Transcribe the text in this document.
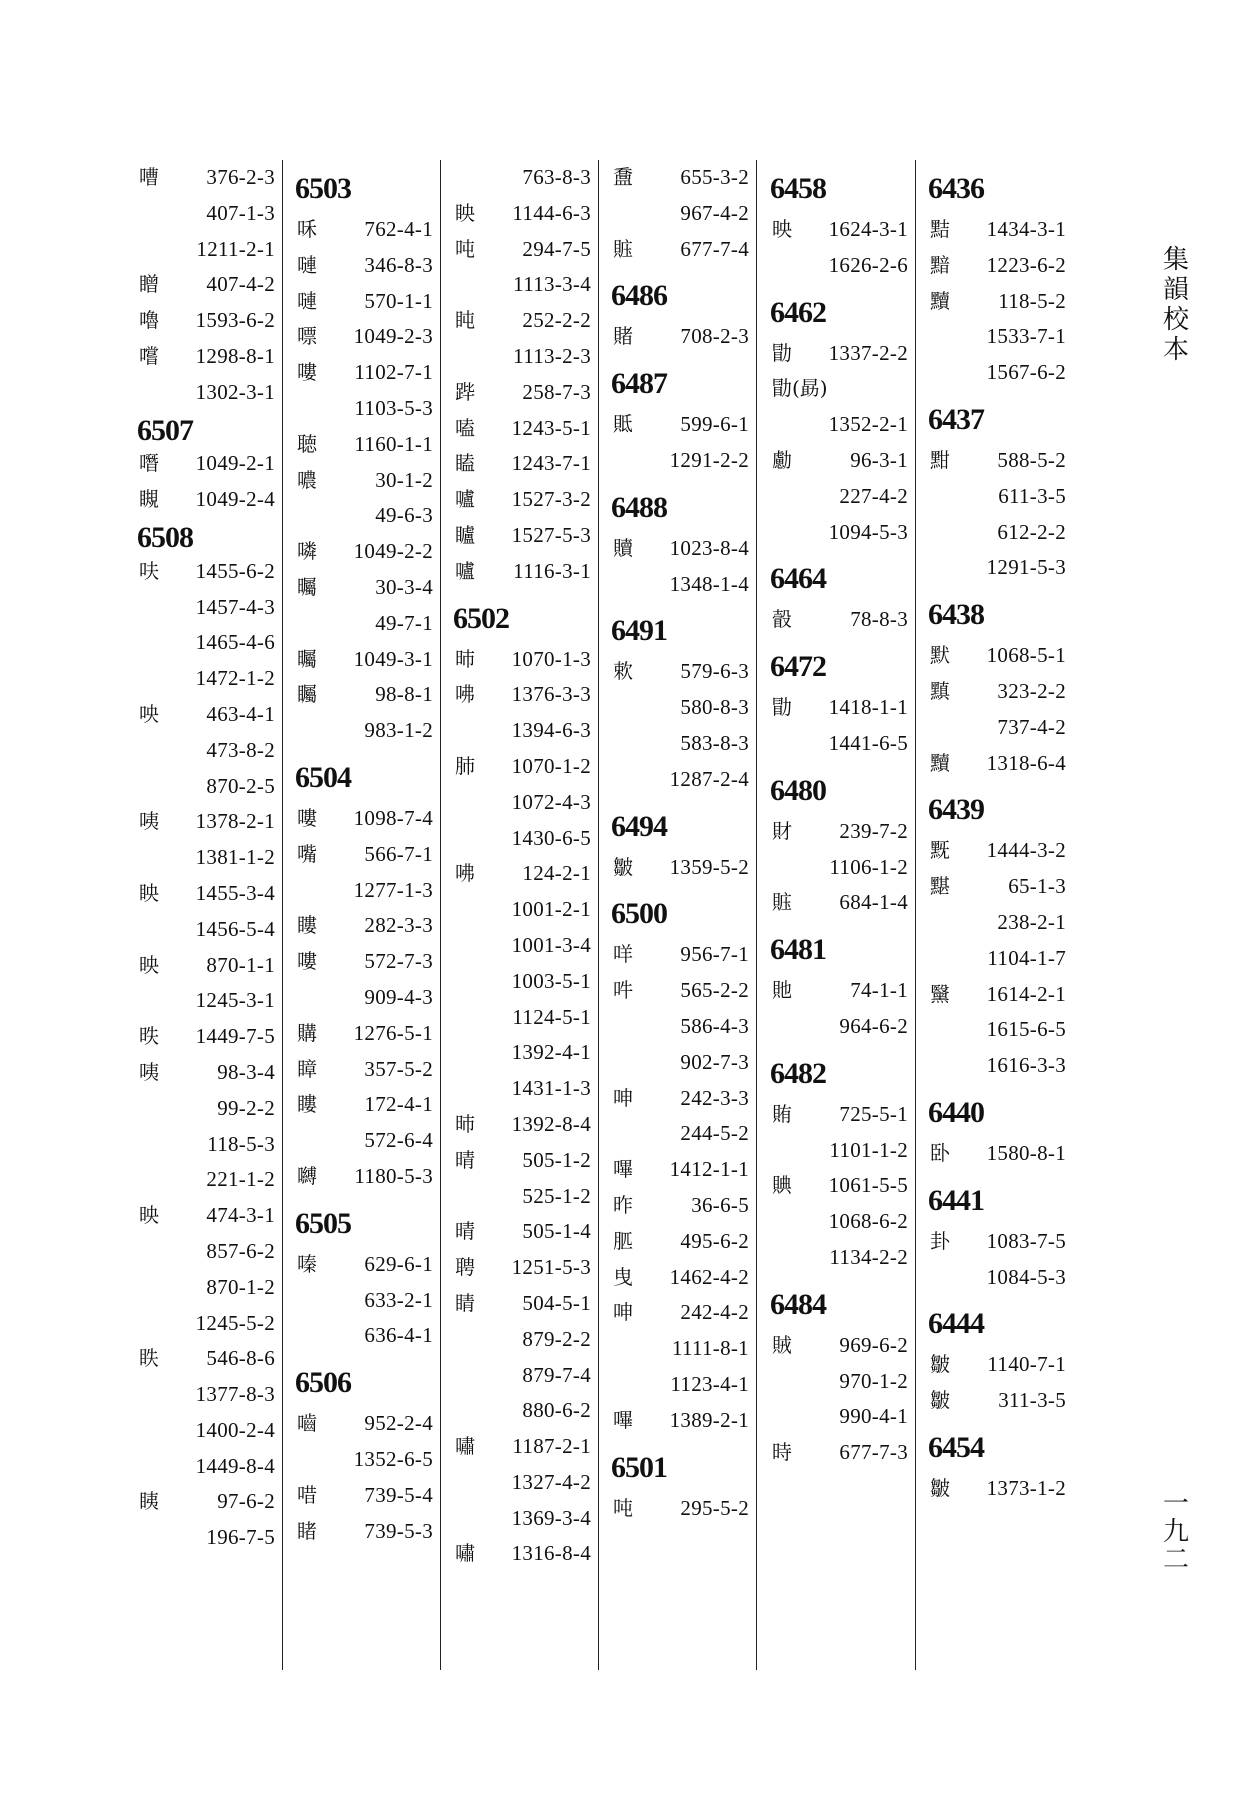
嘈 376-2-3
407-1-3
1211-2-1
䁬 407-4-2
嚕 1593-6-2
嚐 1298-8-1
1302-3-1
6507
噆 1049-2-1
瞡 1049-2-4
6508
呋 1455-6-2
1457-4-3
1465-4-6
1472-1-2
咉 463-4-1
473-8-2
870-2-5
咦 1378-2-1
1381-1-2
眏 1455-3-4
1456-5-4
映 870-1-1
1245-3-1
昳 1449-7-5
咦	98-3-4
99-2-2
118-5-3
221-1-2
映 474-3-1
857-6-2
870-1-2
1245-5-2
眣 546-8-6
1377-8-3
1400-2-4
1449-8-4
眱	97-6-2
196-7-5
6503
咊 762-4-1
嗹 346-8-3
嗹 570-1-1
嘌 1049-2-3
嘍 1102-7-1
1103-5-3
聴 1160-1-1
噥	30-1-2
49-6-3
噒 1049-2-2
曯	30-3-4
49-7-1
曯 1049-3-1
矚	98-8-1
983-1-2
6504
嘍 1098-7-4
嘴 566-7-1
1277-1-3
瞜 282-3-3
嘍 572-7-3
909-4-3
購 1276-5-1
瞕 357-5-2
瞜 172-4-1
572-6-4
嚩 1180-5-3
6505
嗪 629-6-1
633-2-1
636-4-1
6506
嚙 952-2-4
1352-6-5
唶 739-5-4
睹 739-5-3
763-8-3
眏 1144-6-3
吨 294-7-5
1113-3-4
盹 252-2-2
1113-2-3
跸 258-7-3
嗑 1243-5-1
瞌 1243-7-1
嚧 1527-3-2
矑 1527-5-3
嚧 1116-3-1
6502
昁 1070-1-3
咈 1376-3-3
1394-6-3
肺 1070-1-2
1072-4-3
1430-6-5
咈 124-2-1
1001-2-1
1001-3-4
1003-5-1
1124-5-1
1392-4-1
1431-1-3
昁 1392-8-4
晴 505-1-2
525-1-2
晴 505-1-4
聘 1251-5-3
睛 504-5-1
879-2-2
879-7-4
880-6-2
嘯 1187-2-1
1327-4-2
1369-3-4
嘯 1316-8-4
䀉 655-3-2
967-4-2
賘 677-7-4
6486
賭 708-2-3
6487
貾 599-6-1
1291-2-2
6488
贖 1023-8-4
1348-1-4
6491
欶 579-6-3
580-8-3
583-8-3
1287-2-4
6494
皺 1359-5-2
6500
咩 956-7-1
吽 565-2-2
586-4-3
902-7-3
呻 242-3-3
244-5-2
嗶 1412-1-1
昨	36-6-5
䏘 495-6-2
曳 1462-4-2
呻 242-4-2
1111-8-1
1123-4-1
嗶 1389-2-1
6501
吨 295-5-2
6458
映 1624-3-1
1626-2-6
6462
勖 1337-2-2
勖(勗)
1352-2-1
勴	96-3-1
227-4-2
1094-5-3
6464
瞉	78-8-3
6472
勖 1418-1-1
1441-6-5
6480
財 239-7-2
1106-1-2
賘 684-1-4
6481
貤	74-1-1
964-6-2
6482
賄 725-5-1
1101-1-2
賟 1061-5-5
1068-6-2
1134-2-2
6484
賊 969-6-2
970-1-2
990-4-1
時 677-7-3
6436
黠 1434-3-1
黯 1223-6-2
黷 118-5-2
1533-7-1
1567-6-2
6437
黚 588-5-2
611-3-5
612-2-2
1291-5-3
6438
默 1068-5-1
黰 323-2-2
737-4-2
黷 1318-6-4
6439
黖 1444-3-2
黮	65-1-3
238-2-1
1104-1-7
黳 1614-2-1
1615-6-5
1616-3-3
6440
卧 1580-8-1
6441
卦 1083-7-5
1084-5-3
6444
皺 1140-7-1
皺 311-3-5
6454
皺 1373-1-2
集韻校本
一九二
